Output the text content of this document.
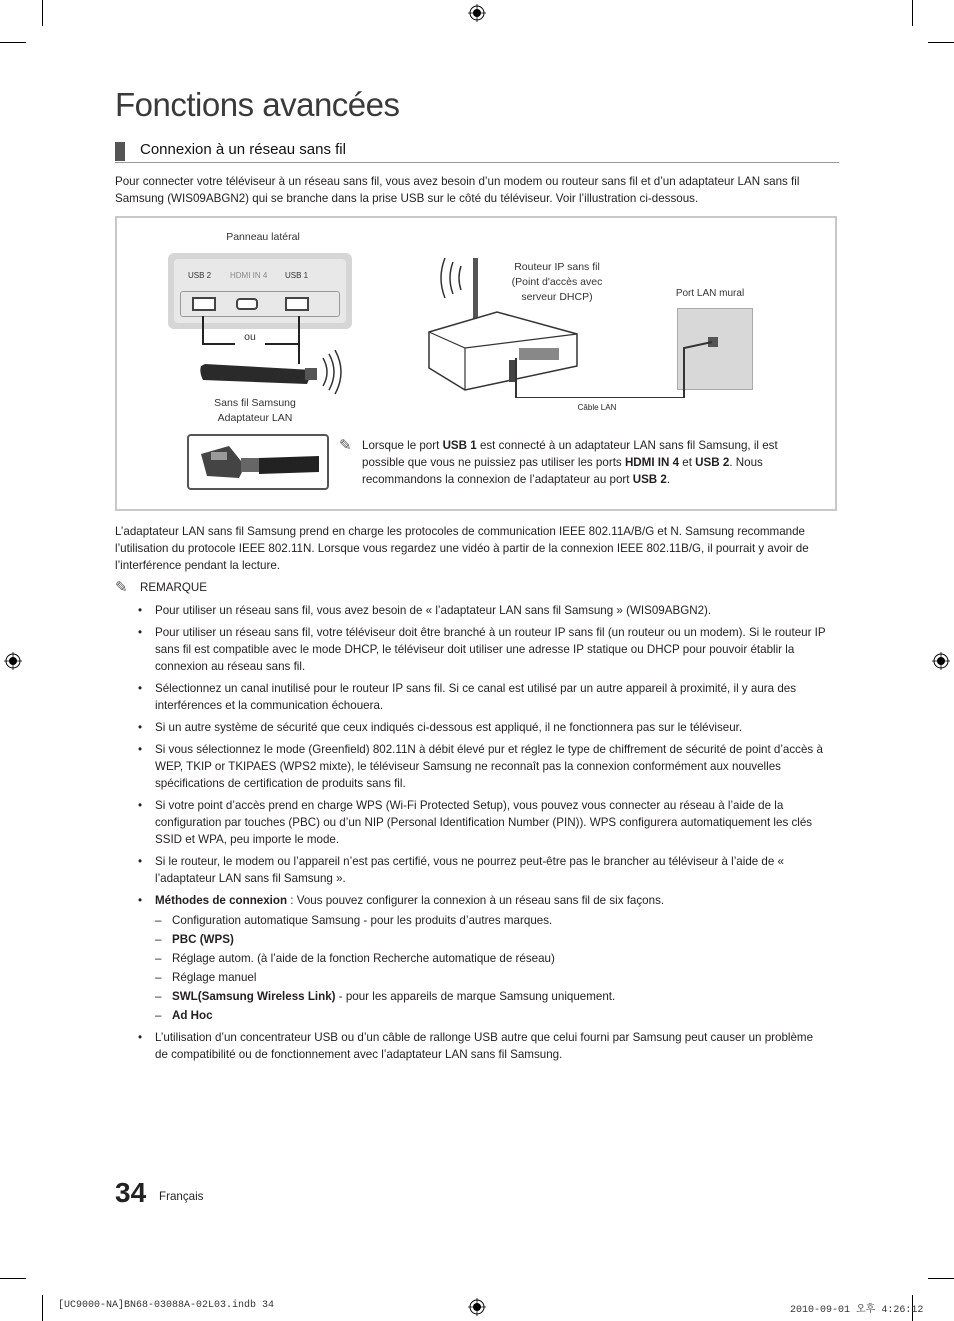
Fonctions avancées
Connexion à un réseau sans fil
Pour connecter votre téléviseur à un réseau sans fil, vous avez besoin d’un modem ou routeur sans fil et d’un adaptateur LAN sans fil Samsung (WIS09ABGN2) qui se branche dans la prise USB sur le côté du téléviseur. Voir l’illustration ci-dessous.
Panneau latéral
USB 2 HDMI IN 4 USB 1
ou
Sans fil Samsung
Adaptateur LAN
Routeur IP sans fil
(Point d'accès avec
serveur DHCP)	Port LAN mural
Câble LAN
✎ Lorsque le port USB 1 est connecté à un adaptateur LAN sans fil Samsung, il est possible que vous ne puissiez pas utiliser les ports HDMI IN 4 et USB 2. Nous recommandons la connexion de l’adaptateur au port USB 2.
L’adaptateur LAN sans fil Samsung prend en charge les protocoles de communication IEEE 802.11A/B/G et N. Samsung recommande l’utilisation du protocole IEEE 802.11N. Lorsque vous regardez une vidéo à partir de la connexion IEEE 802.11B/G, il pourrait y avoir de l’interférence pendant la lecture.
✎ REMARQUE
• Pour utiliser un réseau sans fil, vous avez besoin de « l’adaptateur LAN sans fil Samsung » (WIS09ABGN2).
• Pour utiliser un réseau sans fil, votre téléviseur doit être branché à un routeur IP sans fil (un routeur ou un modem). Si le routeur IP sans fil est compatible avec le mode DHCP, le téléviseur doit utiliser une adresse IP statique ou DHCP pour pouvoir établir la connexion au réseau sans fil.
• Sélectionnez un canal inutilisé pour le routeur IP sans fil. Si ce canal est utilisé par un autre appareil à proximité, il y aura des interférences et la communication échouera.
• Si un autre système de sécurité que ceux indiqués ci-dessous est appliqué, il ne fonctionnera pas sur le téléviseur.
• Si vous sélectionnez le mode (Greenfield) 802.11N à débit élevé pur et réglez le type de chiffrement de sécurité de point d’accès à WEP, TKIP or TKIPAES (WPS2 mixte), le téléviseur Samsung ne reconnaît pas la connexion conformément aux nouvelles spécifications de certification de produits sans fil.
• Si votre point d’accès prend en charge WPS (Wi-Fi Protected Setup), vous pouvez vous connecter au réseau à l’aide de la configuration par touches (PBC) ou d’un NIP (Personal Identification Number (PIN)). WPS configurera automatiquement les clés SSID et WPA, peu importe le mode.
• Si le routeur, le modem ou l’appareil n’est pas certifié, vous ne pourrez peut-être pas le brancher au téléviseur à l’aide de « l’adaptateur LAN sans fil Samsung ».
• Méthodes de connexion : Vous pouvez configurer la connexion à un réseau sans fil de six façons.
– Configuration automatique Samsung - pour les produits d’autres marques.
– PBC (WPS)
– Réglage autom. (à l’aide de la fonction Recherche automatique de réseau)
– Réglage manuel
– SWL(Samsung Wireless Link) - pour les appareils de marque Samsung uniquement.
– Ad Hoc
• L’utilisation d’un concentrateur USB ou d’un câble de rallonge USB autre que celui fourni par Samsung peut causer un problème de compatibilité ou de fonctionnement avec l’adaptateur LAN sans fil Samsung.
34 Français
[UC9000-NA]BN68-03088A-02L03.indb 34	2010-09-01 오후 4:26:12
